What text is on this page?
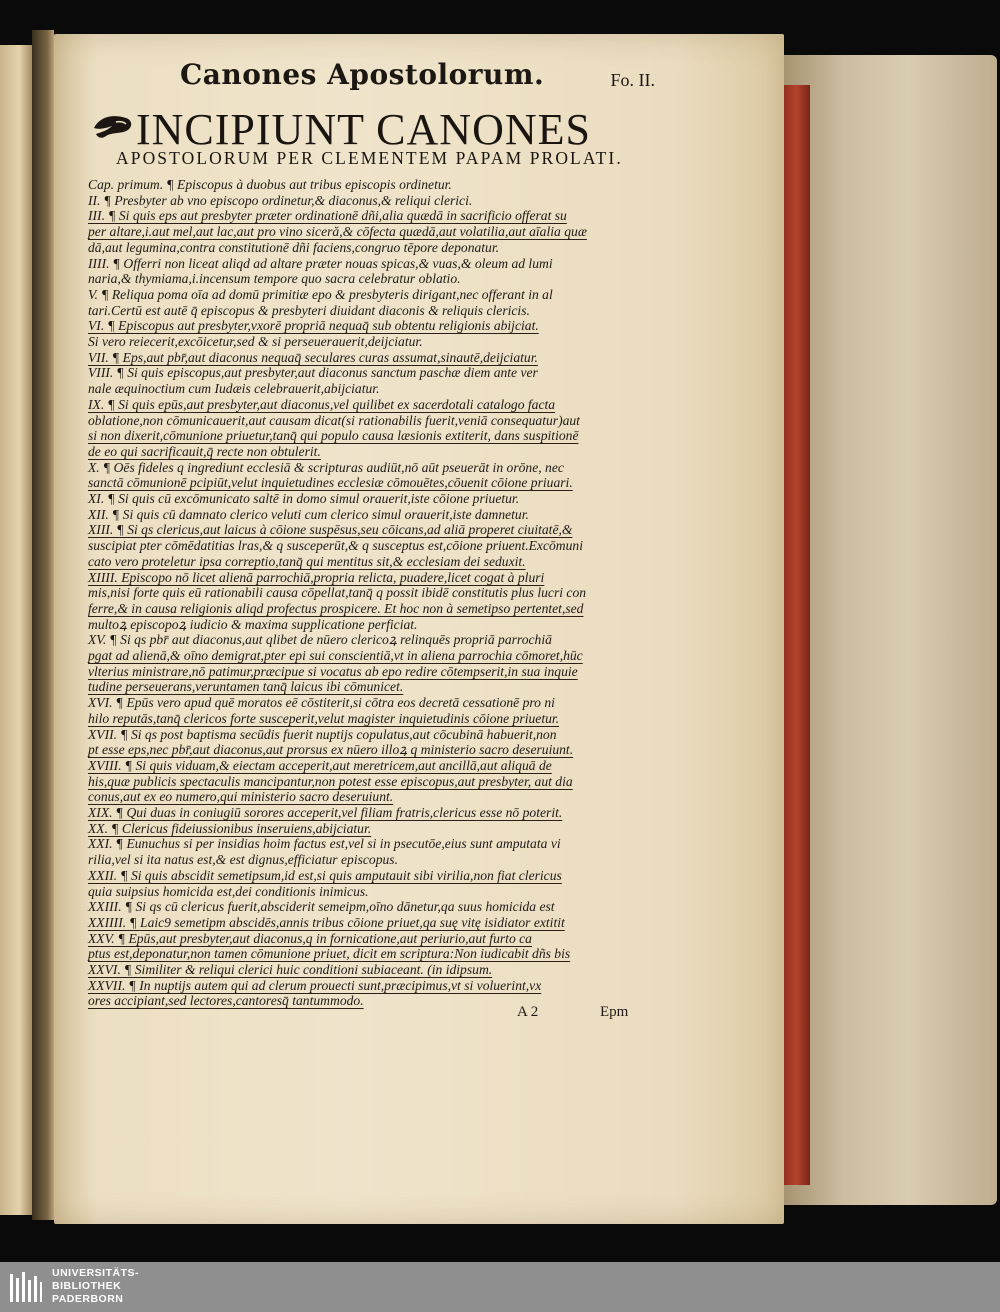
Canones Apostolorum.	Fo. II.
INCIPIUNT CANONES
APOSTOLORUM PER CLEMENTEM PAPAM PROLATI.
Cap. primum. ¶ Episcopus à duobus aut tribus episcopis ordinetur.
II. ¶ Presbyter ab vno episcopo ordinetur,& diaconus,& reliqui clerici.
III. ¶ Si quis eps aut presbyter præter ordinationē dñi,alia quædā in sacrificio offerat su
per altare,i.aut mel,aut lac,aut pro vino siceră,& cōfecta quædā,aut volatilia,aut aīalia quæ
dā,aut legumina,contra constitutionē dñi faciens,congruo tēpore deponatur.
IIII. ¶ Offerri non liceat aliqd ad altare præter nouas spicas,& vuas,& oleum ad lumi
naria,& thymiama,i.incensum tempore quo sacra celebratur oblatio.
V. ¶ Reliqua poma oīa ad domū primitiæ epo & presbyteris dirigant,nec offerant in al
tari.Certū est autē q̄ episcopus & presbyteri diuidant diaconis & reliquis clericis.
VI. ¶ Episcopus aut presbyter,vxorē propriā nequaq̄ sub obtentu religionis abijciat.
Si vero reiecerit,excōicetur,sed & si perseuerauerit,deijciatur.
VII. ¶ Eps,aut pbr̄,aut diaconus nequaq̄ seculares curas assumat,sinautē,deijciatur.
VIII. ¶ Si quis episcopus,aut presbyter,aut diaconus sanctum paschæ diem ante ver
nale æquinoctium cum Iudæis celebrauerit,abijciatur.
IX. ¶ Si quis epūs,aut presbyter,aut diaconus,vel quilibet ex sacerdotali catalogo facta
oblatione,non cōmunicauerit,aut causam dicat(si rationabilis fuerit,veniā consequatur)aut
si non dixerit,cōmunione priuetur,tanq̄ qui populo causa læsionis extiterit, dans suspitionē
de eo qui sacrificauit,q̄ recte non obtulerit.
X. ¶ Oēs fideles q ingrediunt ecclesiā & scripturas audiūt,nō aūt pseuerāt in orōne, nec
sanctā cōmunionē pcipiūt,velut inquietudines ecclesiæ cōmouētes,cōuenit cōione priuari.
XI. ¶ Si quis cū excōmunicato saltē in domo simul orauerit,iste cōione priuetur.
XII. ¶ Si quis cū damnato clerico veluti cum clerico simul orauerit,iste damnetur.
XIII. ¶ Si qs clericus,aut laicus à cōione suspēsus,seu cōicans,ad aliā properet ciuitatē,&
suscipiat pter cōmēdatitias lras,& q susceperūt,& q susceptus est,cōione priuent.Excōmuni
cato vero proteletur ipsa correptio,tanq̄ qui mentitus sit,& ecclesiam dei seduxit.
XIIII. Episcopo nō licet alienā parrochiā,propria relicta, puadere,licet cogat à pluri
mis,nisi forte quis eū rationabili causa cōpellat,tanq̄ q possit ibidē constitutis plus lucri con
ferre,& in causa religionis aliqd profectus prospicere. Et hoc non à semetipso pertentet,sed
multoꝝ episcopoꝝ iudicio & maxima supplicatione perficiat.
XV. ¶ Si qs pbr̄ aut diaconus,aut qlibet de nūero clericoꝝ relinquēs propriā parrochiā
pgat ad alienā,& oīno demigrat,pter epi sui conscientiā,vt in aliena parrochia cōmoret,hūc
vlterius ministrare,nō patimur,præcipue si vocatus ab epo redire cōtempserit,in sua inquie
tudine perseuerans,veruntamen tanq̄ laicus ibi cōmunicet.
XVI. ¶ Epūs vero apud quē moratos eē cōstiterit,si cōtra eos decretā cessationē pro ni
hilo reputās,tanq̄ clericos forte susceperit,velut magister inquietudinis cōione priuetur.
XVII. ¶ Si qs post baptisma secūdis fuerit nuptijs copulatus,aut cōcubinā habuerit,non
pt esse eps,nec pbr̄,aut diaconus,aut prorsus ex nūero illoꝝ q ministerio sacro deseruiunt.
XVIII. ¶ Si quis viduam,& eiectam acceperit,aut meretricem,aut ancillā,aut aliquā de
his,quæ publicis spectaculis mancipantur,non potest esse episcopus,aut presbyter, aut dia
conus,aut ex eo numero,qui ministerio sacro deseruiunt.
XIX. ¶ Qui duas in coniugiū sorores acceperit,vel filiam fratris,clericus esse nō poterit.
XX. ¶ Clericus fideiussionibus inseruiens,abijciatur.
XXI. ¶ Eunuchus si per insidias hoim factus est,vel si in psecutōe,eius sunt amputata vi
rilia,vel si ita natus est,& est dignus,efficiatur episcopus.
XXII. ¶ Si quis abscidit semetipsum,id est,si quis amputauit sibi virilia,non fiat clericus
quia suipsius homicida est,dei conditionis inimicus.
XXIII. ¶ Si qs cū clericus fuerit,absciderit semeipm,oīno dānetur,qa suus homicida est
XXIIII. ¶ Laic9 semetipm abscidēs,annis tribus cōione priuet,qa suę vitę isidiator extitit
XXV. ¶ Epūs,aut presbyter,aut diaconus,q in fornicatione,aut periurio,aut furto ca
ptus est,deponatur,non tamen cōmunione priuet, dicit em scriptura:Non iudicabit dñs bis
XXVI. ¶ Similiter & reliqui clerici huic conditioni subiaceant. (in idipsum.
XXVII. ¶ In nuptijs autem qui ad clerum prouecti sunt,præcipimus,vt si voluerint,vx
ores accipiant,sed lectores,cantoresq̄ tantummodo.
A 2	Epm
UNIVERSITÄTS-
BIBLIOTHEK
PADERBORN
